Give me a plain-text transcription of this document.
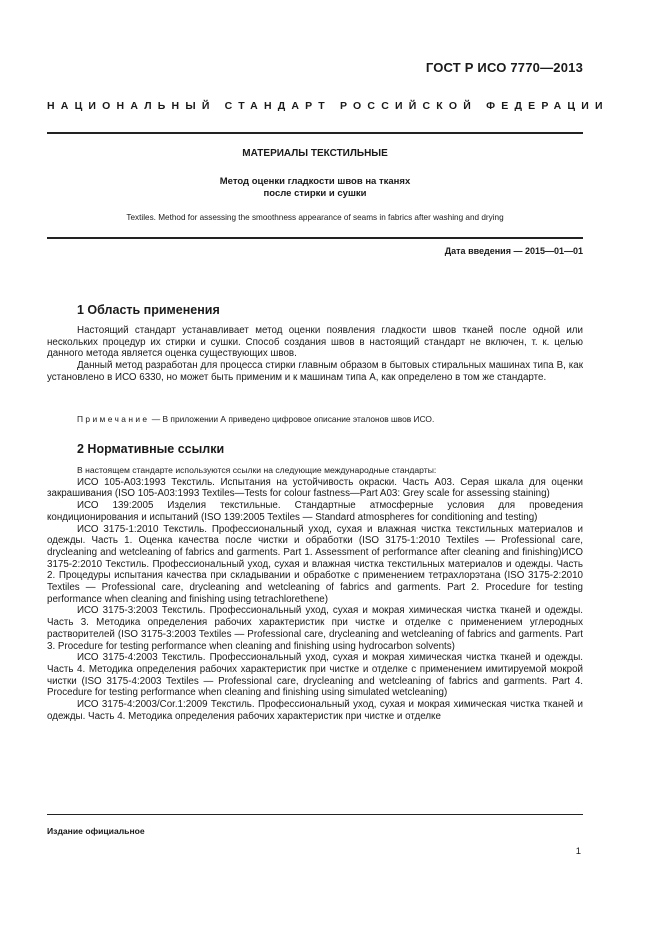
ГОСТ Р ИСО 7770—2013
НАЦИОНАЛЬНЫЙ СТАНДАРТ РОССИЙСКОЙ ФЕДЕРАЦИИ
МАТЕРИАЛЫ ТЕКСТИЛЬНЫЕ
Метод оценки гладкости швов на тканях
после стирки и сушки
Textiles. Method for assessing the smoothness appearance of seams in fabrics after washing and drying
Дата введения — 2015—01—01
1 Область применения

Настоящий стандарт устанавливает метод оценки появления гладкости швов тканей после одной или нескольких процедур их стирки и сушки. Способ создания швов в настоящий стандарт не включен, т. к. целью данного метода является оценка существующих швов.

Данный метод разработан для процесса стирки главным образом в бытовых стиральных машинах типа В, как установлено в ИСО 6330, но может быть применим и к машинам типа А, как определено в том же стандарте.

Примечание — В приложении А приведено цифровое описание эталонов швов ИСО.
2 Нормативные ссылки

В настоящем стандарте используются ссылки на следующие международные стандарты:

ИСО 105-А03:1993 Текстиль. Испытания на устойчивость окраски. Часть А03. Серая шкала для оценки закрашивания (ISO 105-A03:1993 Textiles—Tests for colour fastness—Part A03: Grey scale for assessing staining)

ИСО 139:2005 Изделия текстильные. Стандартные атмосферные условия для проведения кондиционирования и испытаний (ISO 139:2005 Textiles — Standard atmospheres for conditioning and testing)

ИСО 3175-1:2010 Текстиль. Профессиональный уход, сухая и влажная чистка текстильных материалов и одежды. Часть 1. Оценка качества после чистки и обработки (ISO 3175-1:2010 Textiles — Professional care, drycleaning and wetcleaning of fabrics and garments. Part 1. Assessment of performance after cleaning and finishing)ИСО 3175-2:2010 Текстиль. Профессиональный уход, сухая и влажная чистка текстильных материалов и одежды. Часть 2. Процедуры испытания качества при складывании и обработке с применением тетрахлорэтана (ISO 3175-2:2010 Textiles — Professional care, drycleaning and wetcleaning of fabrics and garments. Part 2. Procedure for testing performance when cleaning and finishing using tetrachlorethene)

ИСО 3175-3:2003 Текстиль. Профессиональный уход, сухая и мокрая химическая чистка тканей и одежды. Часть 3. Методика определения рабочих характеристик при чистке и отделке с применением углеродных растворителей (ISO 3175-3:2003 Textiles — Professional care, drycleaning and wetcleaning of fabrics and garments. Part 3. Procedure for testing performance when cleaning and finishing using hydrocarbon solvents)

ИСО 3175-4:2003 Текстиль. Профессиональный уход, сухая и мокрая химическая чистка тканей и одежды. Часть 4. Методика определения рабочих характеристик при чистке и отделке с применением имитируемой мокрой чистки (ISO 3175-4:2003 Textiles — Professional care, drycleaning and wetcleaning of fabrics and garments. Part 4. Procedure for testing performance when cleaning and finishing using simulated wetcleaning)

ИСО 3175-4:2003/Cor.1:2009 Текстиль. Профессиональный уход, сухая и мокрая химическая чистка тканей и одежды. Часть 4. Методика определения рабочих характеристик при чистке и отделке

Издание официальное
1
